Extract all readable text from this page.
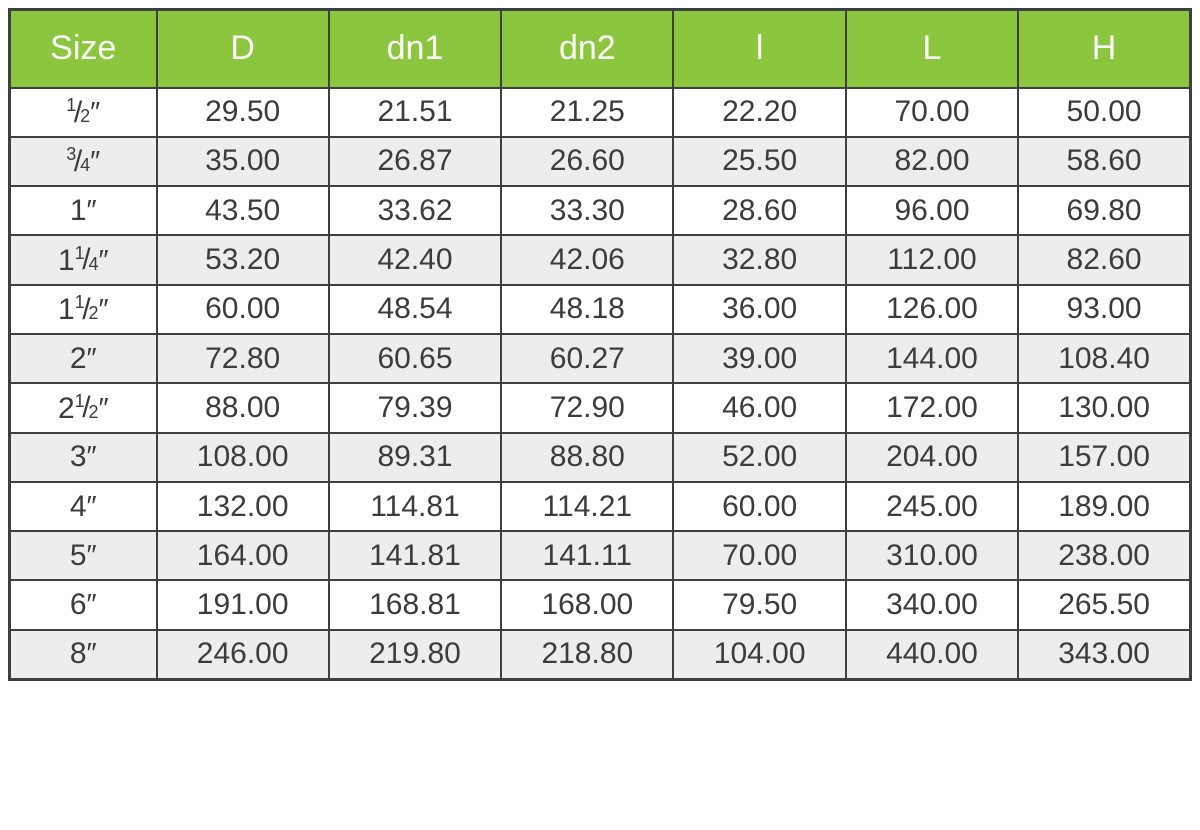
Size	D	dn1	dn2	l	L	H
$^1$/2″	29.50	21.51	21.25	22.20	70.00	50.00
$^3$/4″	35.00	26.87	26.60	25.50	82.00	58.60
1″	43.50	33.62	33.30	28.60	96.00	69.80
1$^1$/4″	53.20	42.40	42.06	32.80	112.00	82.60
1$^1$/2″	60.00	48.54	48.18	36.00	126.00	93.00
2″	72.80	60.65	60.27	39.00	144.00	108.40
2$^1$/2″	88.00	79.39	72.90	46.00	172.00	130.00
3″	108.00	89.31	88.80	52.00	204.00	157.00
4″	132.00	114.81	114.21	60.00	245.00	189.00
5″	164.00	141.81	141.11	70.00	310.00	238.00
6″	191.00	168.81	168.00	79.50	340.00	265.50
8″	246.00	219.80	218.80	104.00	440.00	343.00
